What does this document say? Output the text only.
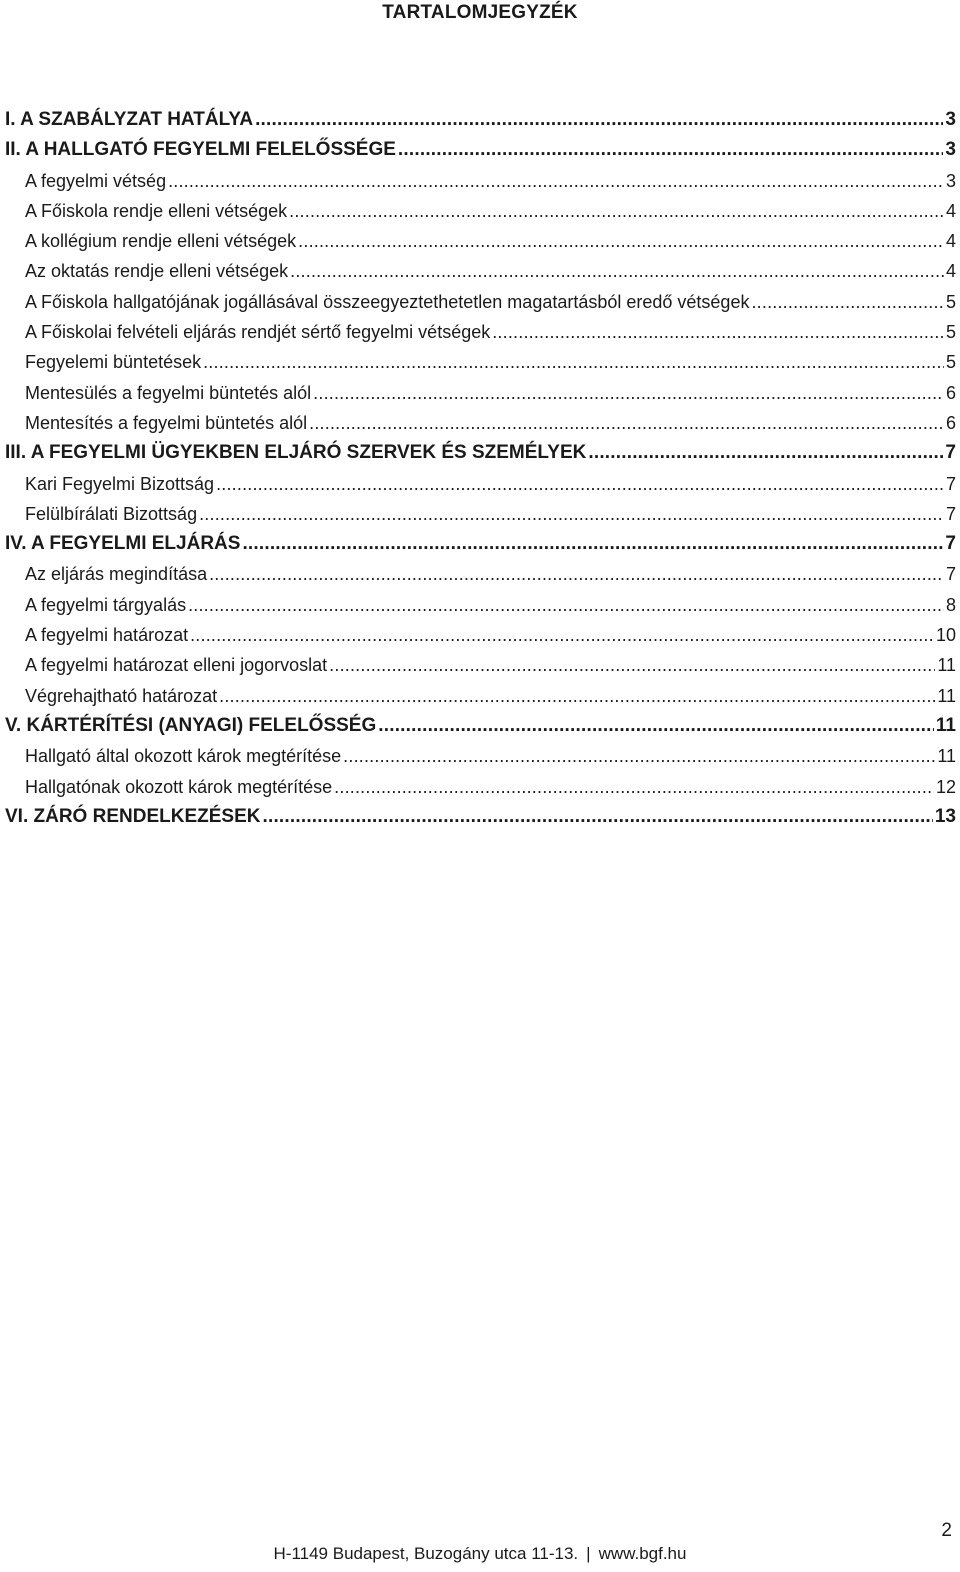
TARTALOMJEGYZÉK
I. A SZABÁLYZAT HATÁLYA .....	3
II. A HALLGATÓ FEGYELMI FELELŐSSÉGE .....	3
A fegyelmi vétség .....	3
A Főiskola rendje elleni vétségek .....	4
A kollégium rendje elleni vétségek .....	4
Az oktatás rendje elleni vétségek .....	4
A Főiskola hallgatójának jogállásával összeegyeztethetetlen magatartásból eredő vétségek .....	5
A Főiskolai felvételi eljárás rendjét sértő fegyelmi vétségek .....	5
Fegyelemi büntetések .....	5
Mentesülés a fegyelmi büntetés alól .....	6
Mentesítés a fegyelmi büntetés alól .....	6
III. A FEGYELMI ÜGYEKBEN ELJÁRÓ SZERVEK ÉS SZEMÉLYEK .....	7
Kari Fegyelmi Bizottság .....	7
Felülbírálati Bizottság .....	7
IV. A FEGYELMI ELJÁRÁS .....	7
Az eljárás megindítása .....	7
A fegyelmi tárgyalás .....	8
A fegyelmi határozat .....	10
A fegyelmi határozat elleni jogorvoslat .....	11
Végrehajtható határozat .....	11
V. KÁRTÉRÍTÉSI (ANYAGI) FELELŐSSÉG .....	11
Hallgató által okozott károk megtérítése .....	11
Hallgatónak okozott károk megtérítése .....	12
VI. ZÁRÓ RENDELKEZÉSEK .....	13
2
H-1149 Budapest, Buzogány utca 11-13. | www.bgf.hu
